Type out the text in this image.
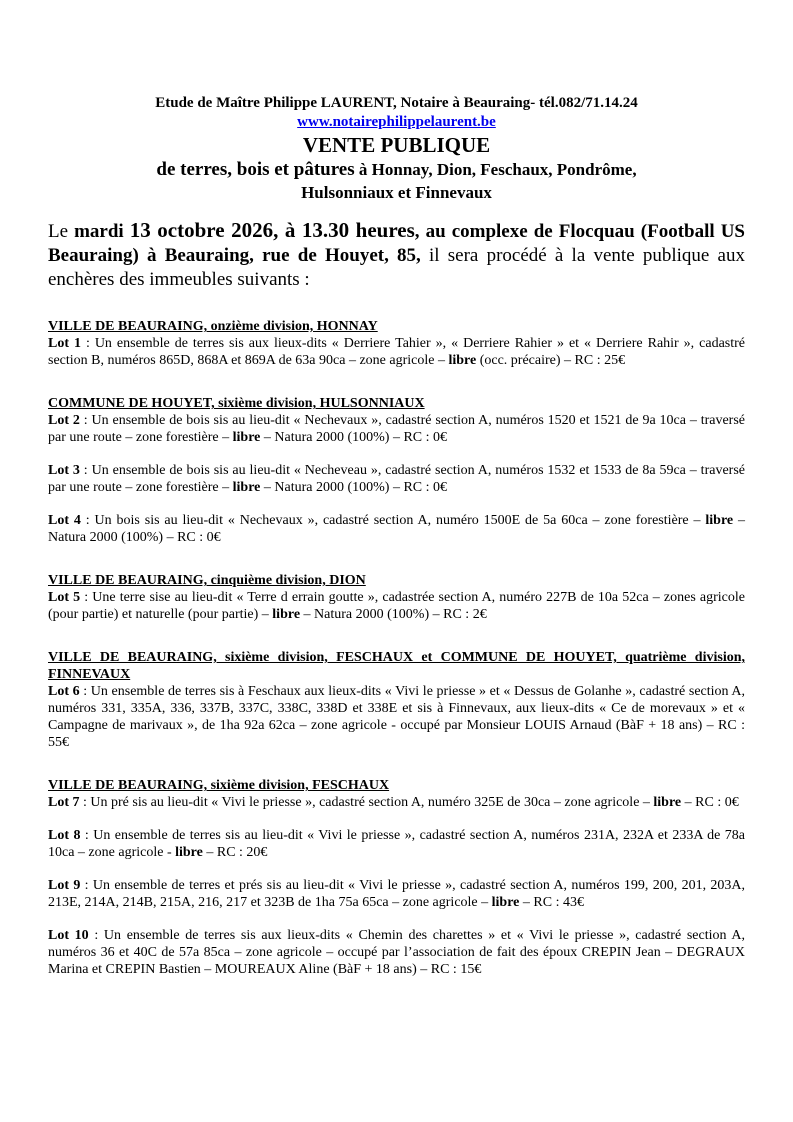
Etude de Maître Philippe LAURENT, Notaire à Beauraing- tél.082/71.14.24
www.notairephilippelaurent.be
VENTE PUBLIQUE
de terres, bois et pâtures à Honnay, Dion, Feschaux, Pondrôme,
Hulsonniaux et Finnevaux
Le mardi 13 octobre 2026, à 13.30 heures, au complexe de Flocquau (Football US Beauraing) à Beauraing, rue de Houyet, 85, il sera procédé à la vente publique aux enchères des immeubles suivants :
VILLE DE BEAURAING, onzième division, HONNAY
Lot 1 : Un ensemble de terres sis aux lieux-dits « Derriere Tahier », « Derriere Rahier » et « Derriere Rahir », cadastré section B, numéros 865D, 868A et 869A de 63a 90ca – zone agricole – libre (occ. précaire) – RC : 25€
COMMUNE DE HOUYET, sixième division, HULSONNIAUX
Lot 2 : Un ensemble de bois sis au lieu-dit « Nechevaux », cadastré section A, numéros 1520 et 1521 de 9a 10ca – traversé par une route – zone forestière – libre – Natura 2000 (100%) – RC : 0€
Lot 3 : Un ensemble de bois sis au lieu-dit « Necheveau », cadastré section A, numéros 1532 et 1533 de 8a 59ca – traversé par une route – zone forestière – libre – Natura 2000 (100%) – RC : 0€
Lot 4 : Un bois sis au lieu-dit « Nechevaux », cadastré section A, numéro 1500E de 5a 60ca – zone forestière – libre – Natura 2000 (100%) – RC : 0€
VILLE DE BEAURAING, cinquième division, DION
Lot 5 : Une terre sise au lieu-dit « Terre d errain goutte », cadastrée section A, numéro 227B de 10a 52ca – zones agricole (pour partie) et naturelle (pour partie) – libre – Natura 2000 (100%) – RC : 2€
VILLE DE BEAURAING, sixième division, FESCHAUX et COMMUNE DE HOUYET, quatrième division, FINNEVAUX
Lot 6 : Un ensemble de terres sis à Feschaux aux lieux-dits « Vivi le priesse » et « Dessus de Golanhe », cadastré section A, numéros 331, 335A, 336, 337B, 337C, 338C, 338D et 338E et sis à Finnevaux, aux lieux-dits « Ce de morevaux » et « Campagne de marivaux », de 1ha 92a 62ca – zone agricole - occupé par Monsieur LOUIS Arnaud (BàF + 18 ans) – RC : 55€
VILLE DE BEAURAING, sixième division, FESCHAUX
Lot 7 : Un pré sis au lieu-dit « Vivi le priesse », cadastré section A, numéro 325E de 30ca – zone agricole – libre – RC : 0€
Lot 8 : Un ensemble de terres sis au lieu-dit « Vivi le priesse », cadastré section A, numéros 231A, 232A et 233A de 78a 10ca – zone agricole - libre – RC : 20€
Lot 9 : Un ensemble de terres et prés sis au lieu-dit « Vivi le priesse », cadastré section A, numéros 199, 200, 201, 203A, 213E, 214A, 214B, 215A, 216, 217 et 323B de 1ha 75a 65ca – zone agricole – libre – RC : 43€
Lot 10 : Un ensemble de terres sis aux lieux-dits « Chemin des charettes » et « Vivi le priesse », cadastré section A, numéros 36 et 40C de 57a 85ca – zone agricole – occupé par l’association de fait des époux CREPIN Jean – DEGRAUX Marina et CREPIN Bastien – MOUREAUX Aline (BàF + 18 ans) – RC : 15€
